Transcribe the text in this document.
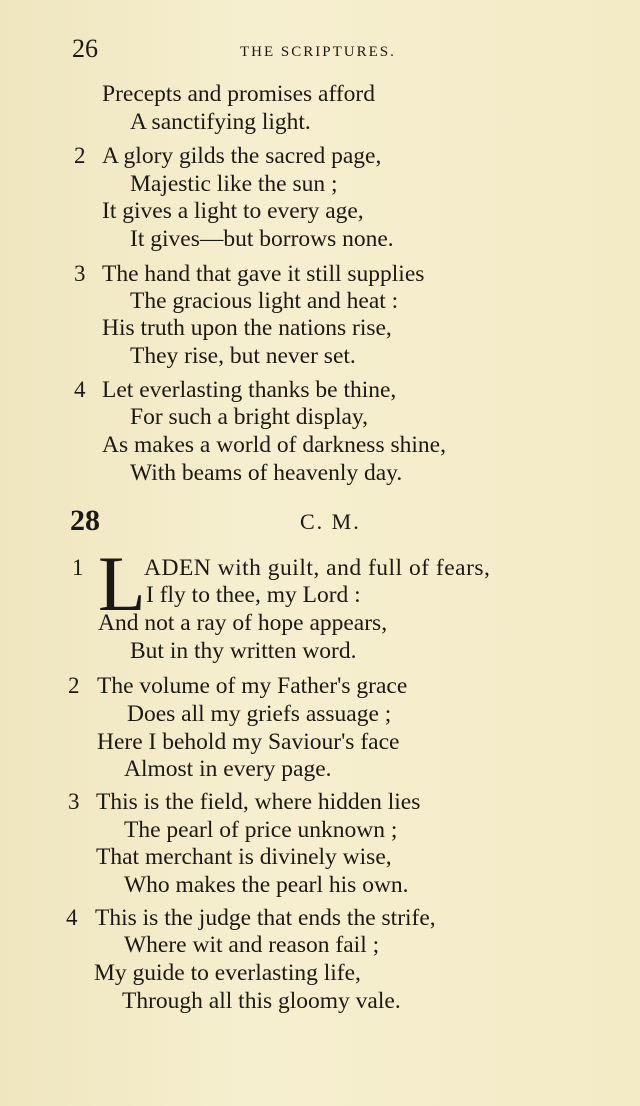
26	THE SCRIPTURES.
Precepts and promises afford
A sanctifying light.
2 A glory gilds the sacred page,
Majestic like the sun ;
It gives a light to every age,
It gives—but borrows none.
3 The hand that gave it still supplies
The gracious light and heat :
His truth upon the nations rise,
They rise, but never set.
4 Let everlasting thanks be thine,
For such a bright display,
As makes a world of darkness shine,
With beams of heavenly day.
28	C. M.
1 L
ADEN with guilt, and full of fears,
I fly to thee, my Lord :
And not a ray of hope appears,
But in thy written word.
2 The volume of my Father's grace
Does all my griefs assuage ;
Here I behold my Saviour's face
Almost in every page.
3 This is the field, where hidden lies
The pearl of price unknown ;
That merchant is divinely wise,
Who makes the pearl his own.
4 This is the judge that ends the strife,
Where wit and reason fail ;
My guide to everlasting life,
Through all this gloomy vale.
